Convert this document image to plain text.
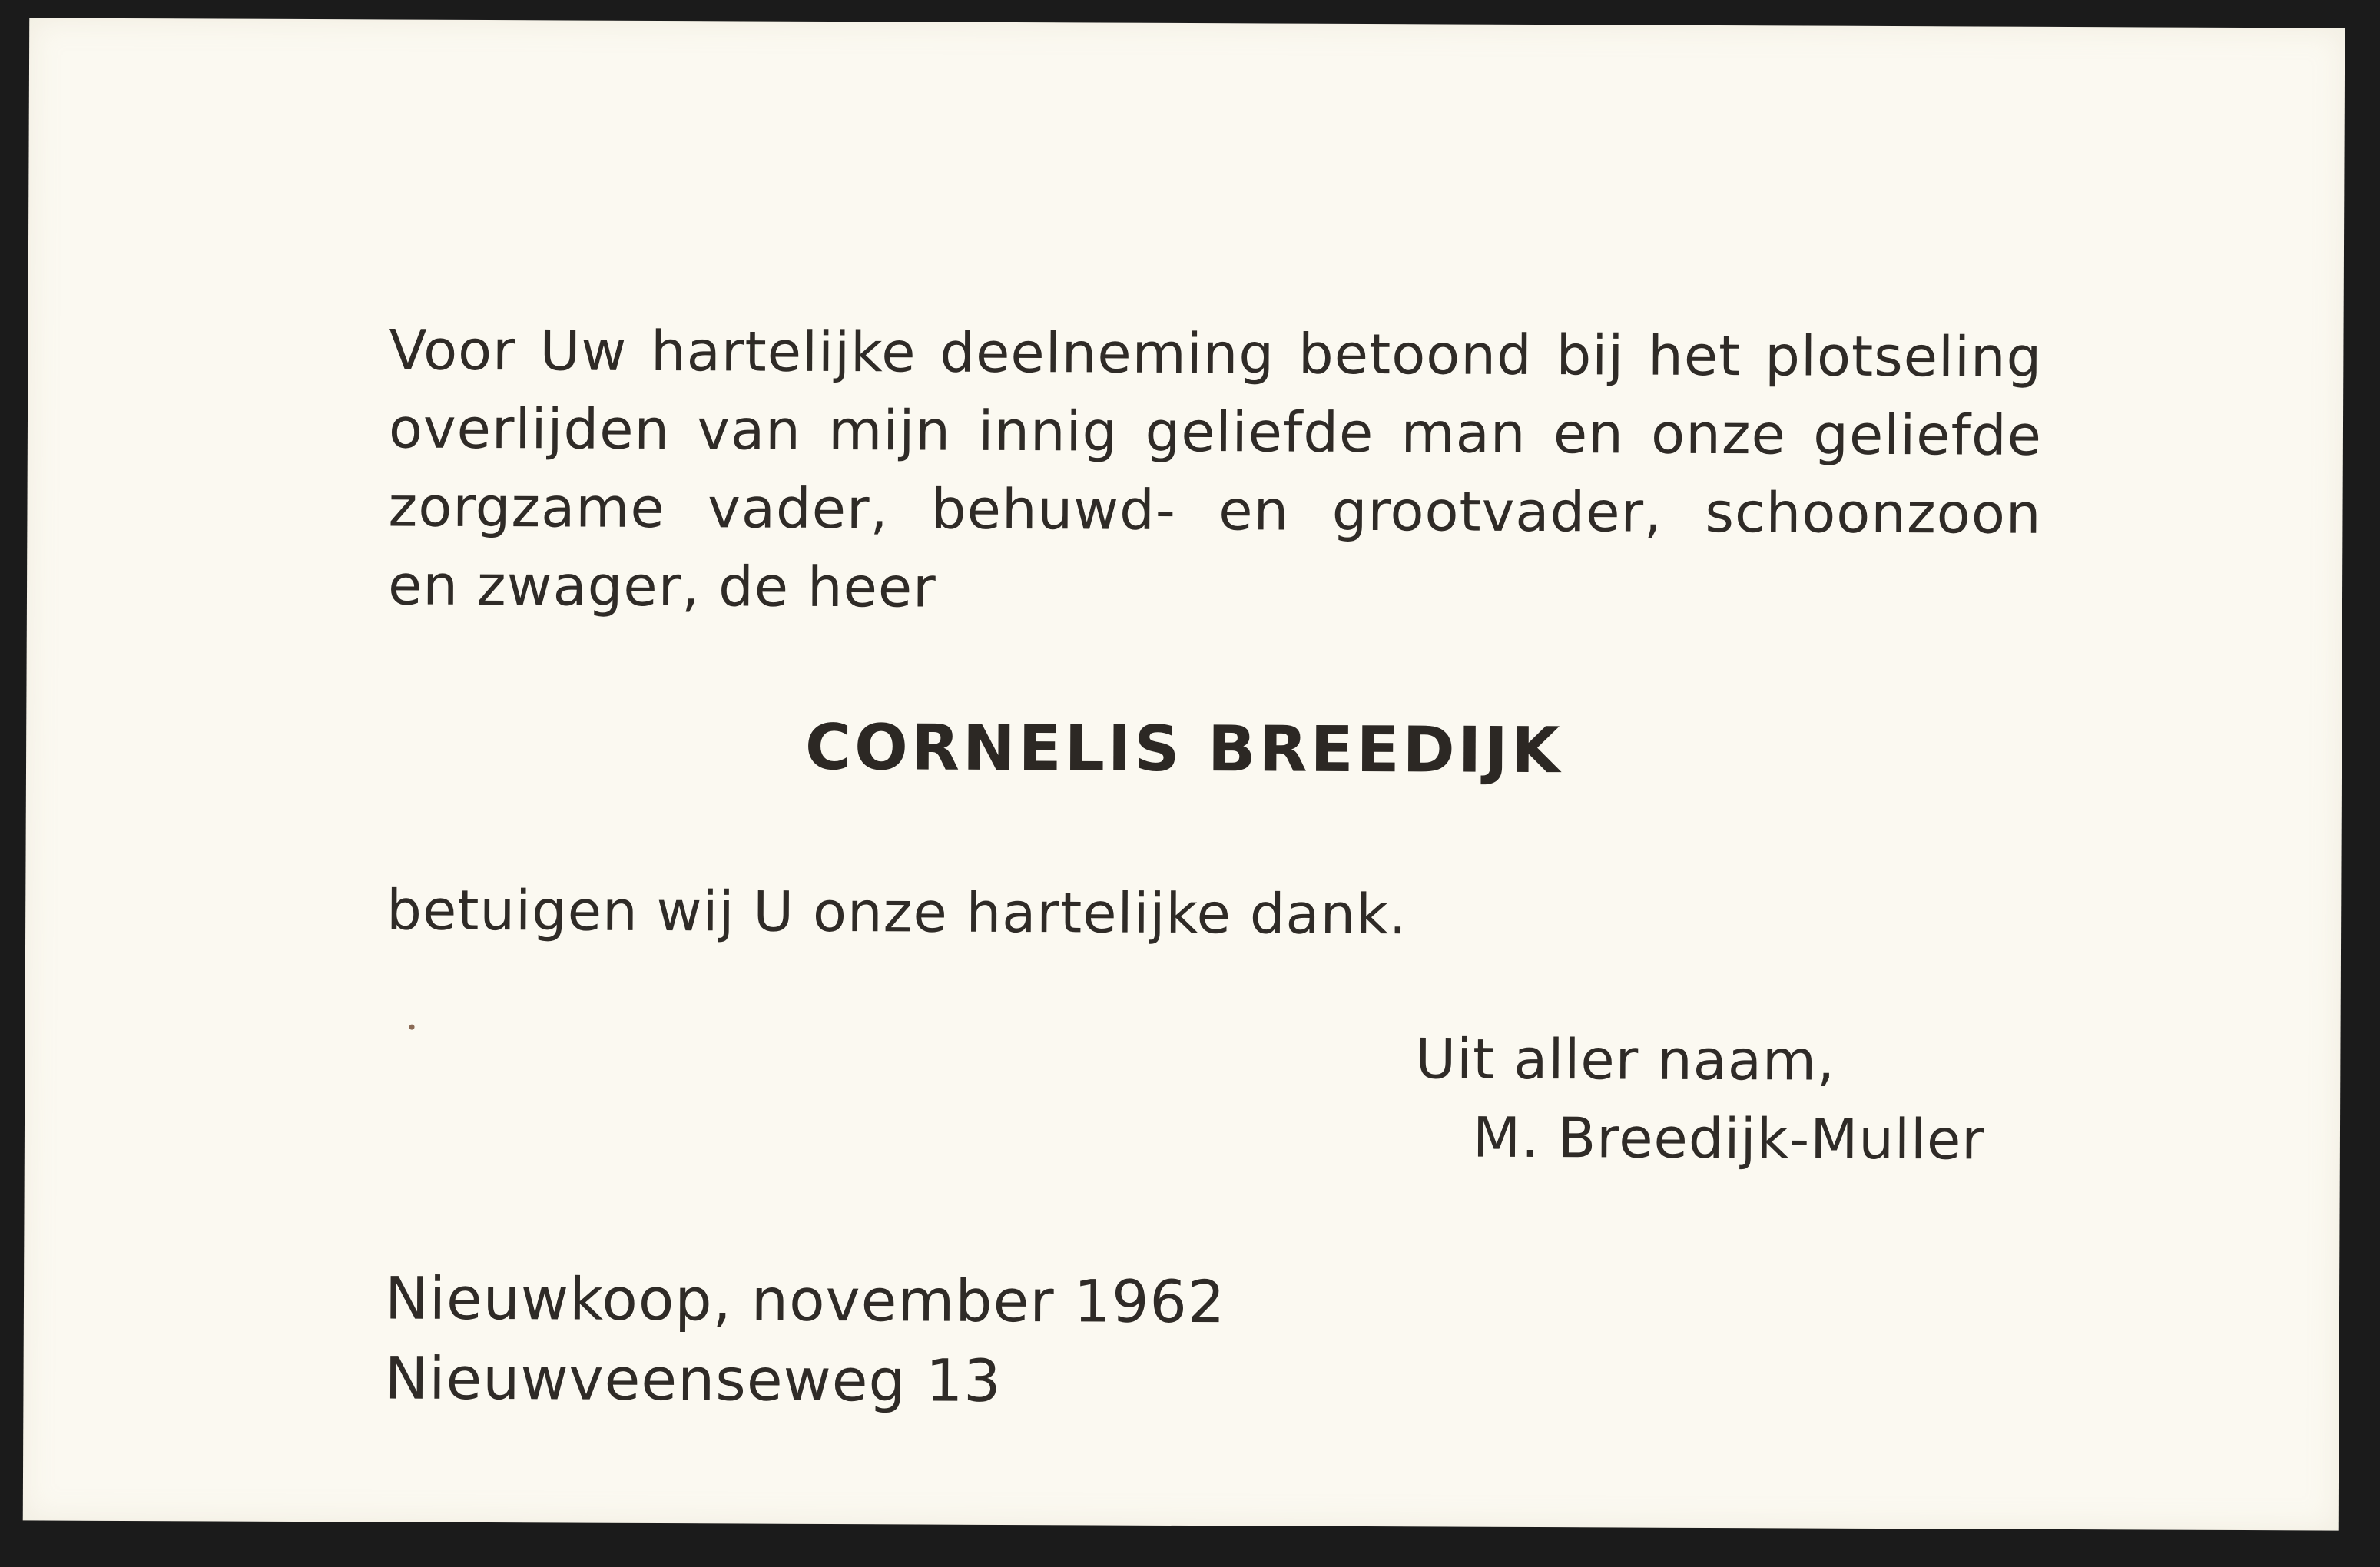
Voor Uw hartelijke deelneming betoond bij het plotseling
overlijden van mijn innig geliefde man en onze geliefde
zorgzame vader, behuwd- en grootvader, schoonzoon
en zwager, de heer
CORNELIS BREEDIJK
betuigen wij U onze hartelijke dank.
Uit aller naam,
M. Breedijk-Muller
Nieuwkoop, november 1962
Nieuwveenseweg 13
